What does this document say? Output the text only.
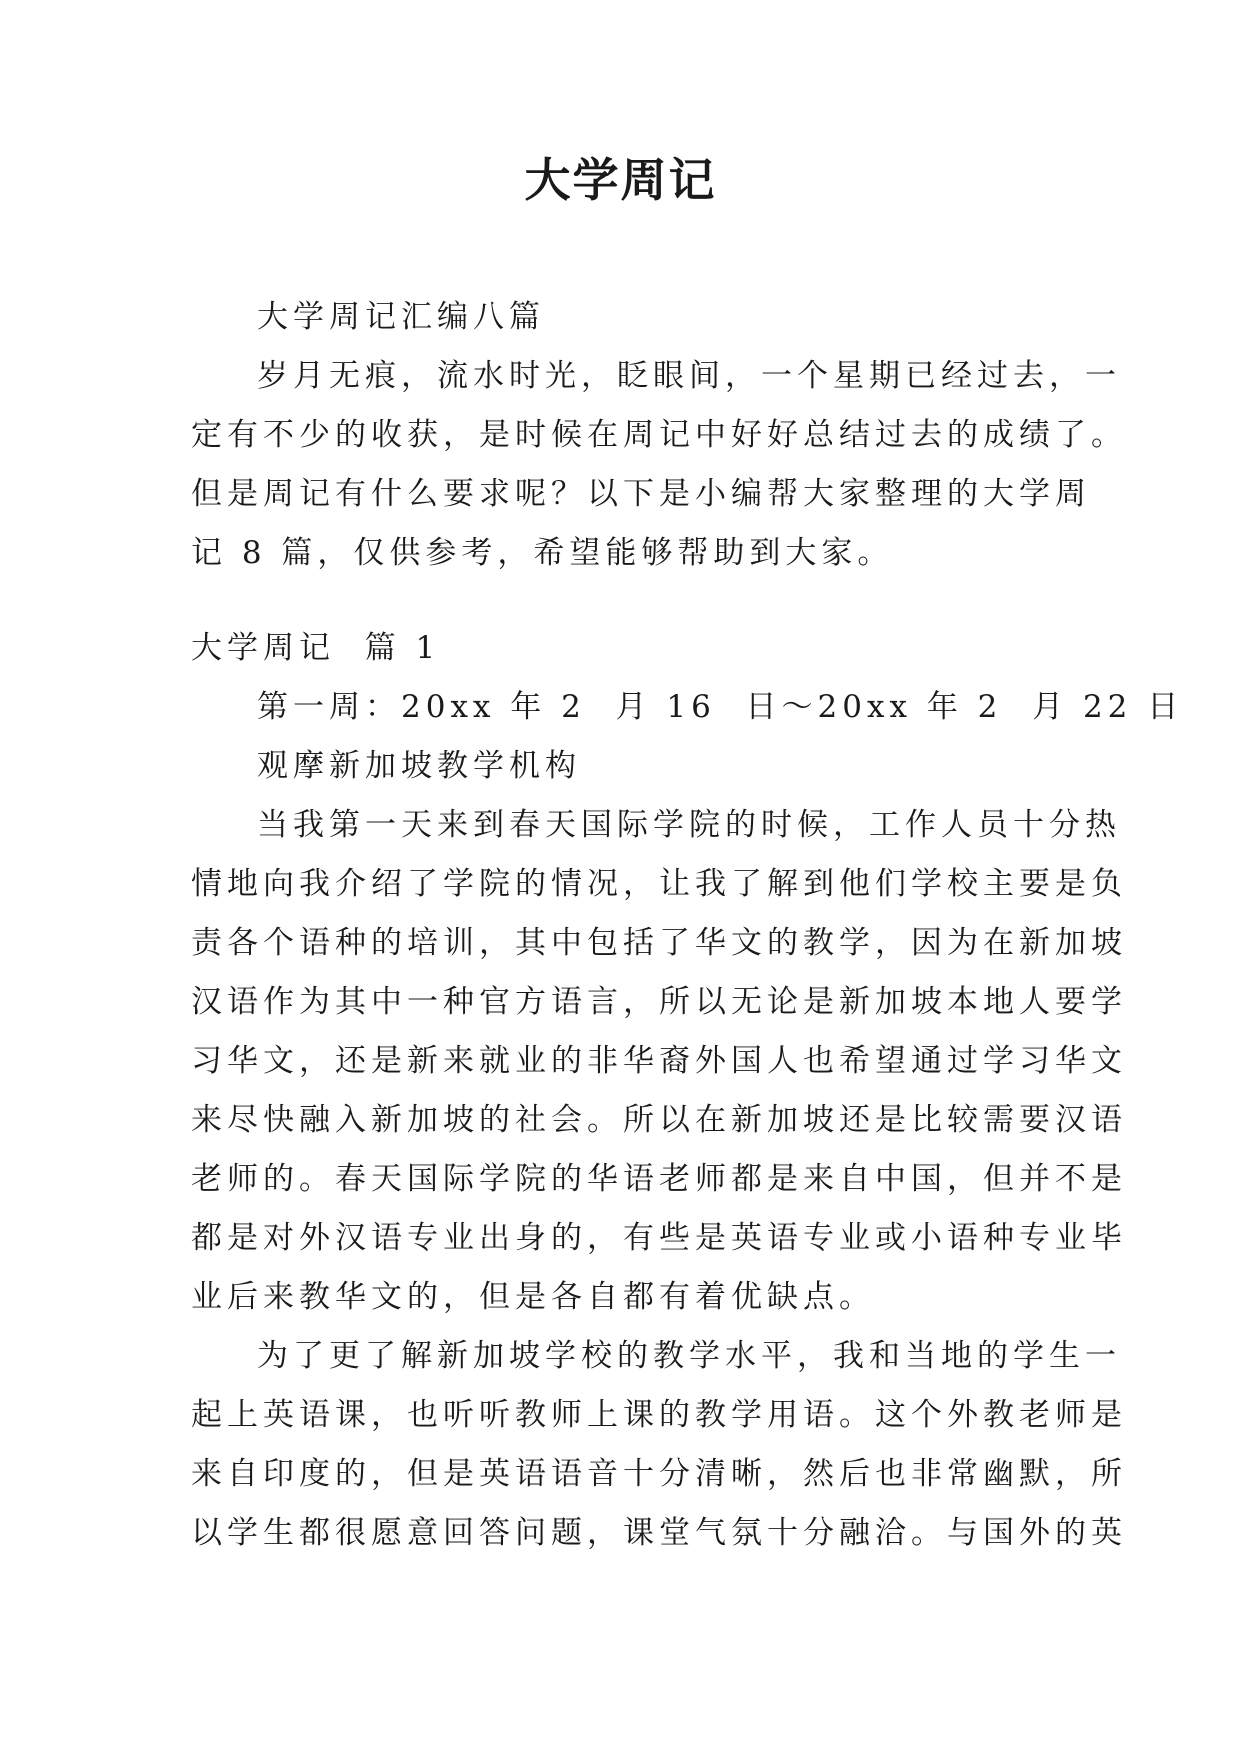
大学周记
大学周记汇编八篇
岁月无痕，流水时光，眨眼间，一个星期已经过去，一
定有不少的收获，是时候在周记中好好总结过去的成绩了。
但是周记有什么要求呢？以下是小编帮大家整理的大学周
记 8 篇，仅供参考，希望能够帮助到大家。
大学周记  篇 1
第一周：20xx 年 2  月 16  日～20xx 年 2  月 22 日
观摩新加坡教学机构
当我第一天来到春天国际学院的时候，工作人员十分热
情地向我介绍了学院的情况，让我了解到他们学校主要是负
责各个语种的培训，其中包括了华文的教学，因为在新加坡
汉语作为其中一种官方语言，所以无论是新加坡本地人要学
习华文，还是新来就业的非华裔外国人也希望通过学习华文
来尽快融入新加坡的社会。所以在新加坡还是比较需要汉语
老师的。春天国际学院的华语老师都是来自中国，但并不是
都是对外汉语专业出身的，有些是英语专业或小语种专业毕
业后来教华文的，但是各自都有着优缺点。
为了更了解新加坡学校的教学水平，我和当地的学生一
起上英语课，也听听教师上课的教学用语。这个外教老师是
来自印度的，但是英语语音十分清晰，然后也非常幽默，所
以学生都很愿意回答问题，课堂气氛十分融洽。与国外的英
